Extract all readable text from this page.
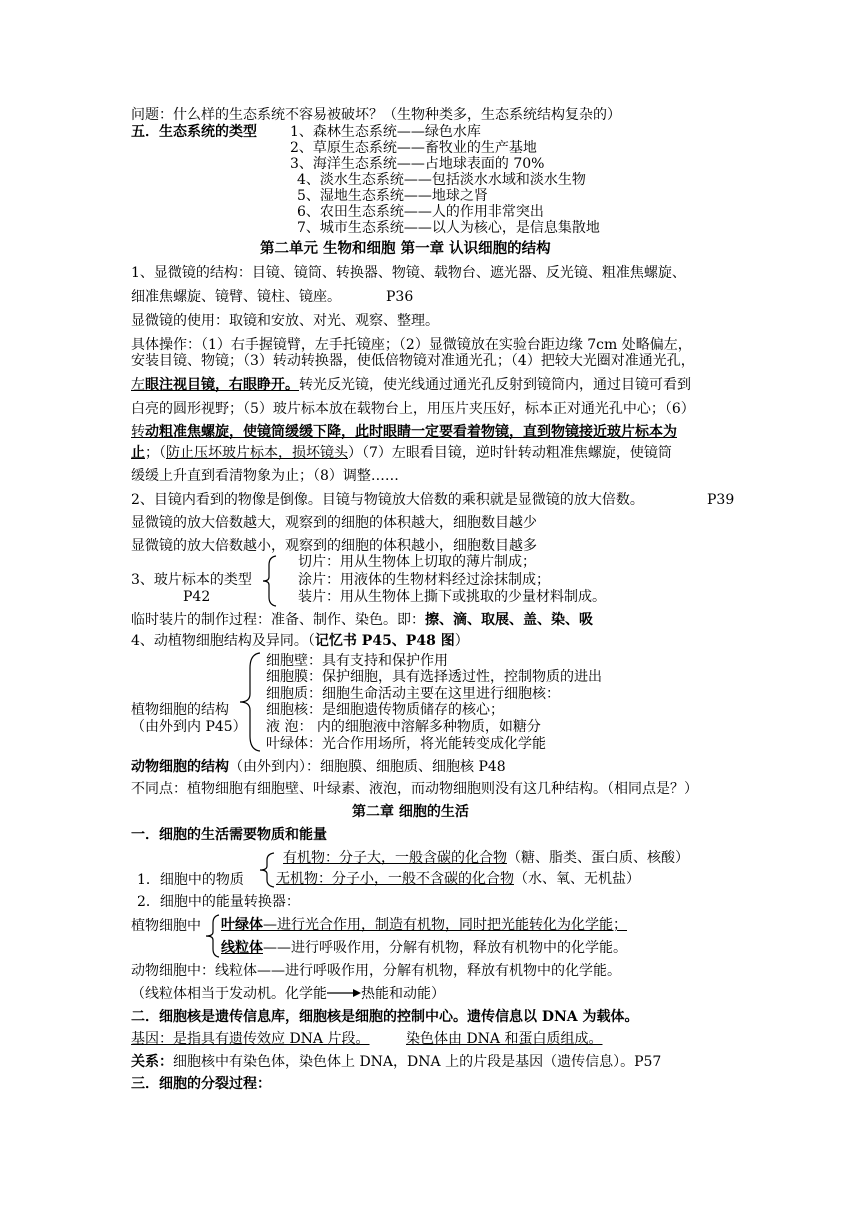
问题：什么样的生态系统不容易被破坏？（生物种类多，生态系统结构复杂的）
五．生态系统的类型 1、森林生态系统——绿色水库
2、草原生态系统——畜牧业的生产基地
3、海洋生态系统——占地球表面的 70%
4、淡水生态系统——包括淡水水域和淡水生物
5、湿地生态系统——地球之肾
6、农田生态系统——人的作用非常突出
7、城市生态系统——以人为核心，是信息集散地
第二单元 生物和细胞 第一章 认识细胞的结构
1、显微镜的结构：目镜、镜筒、转换器、物镜、载物台、遮光器、反光镜、粗准焦螺旋、
细准焦螺旋、镜臂、镜柱、镜座。	P36
显微镜的使用：取镜和安放、对光、观察、整理。
具体操作：（1）右手握镜臂，左手托镜座；（2）显微镜放在实验台距边缘 7cm 处略偏左，
安装目镜、物镜；（3）转动转换器，使低倍物镜对准通光孔；（4）把较大光圈对准通光孔，
左眼注视目镜，右眼睁开。转光反光镜，使光线通过通光孔反射到镜筒内，通过目镜可看到
白亮的圆形视野；（5）玻片标本放在载物台上，用压片夹压好，标本正对通光孔中心；（6）
转动粗准焦螺旋，使镜筒缓缓下降，此时眼睛一定要看着物镜，直到物镜接近玻片标本为
止；（防止压坏玻片标本，损坏镜头）（7）左眼看目镜，逆时针转动粗准焦螺旋，使镜筒
缓缓上升直到看清物象为止；（8）调整……
2、目镜内看到的物像是倒像。目镜与物镜放大倍数的乘积就是显微镜的放大倍数。	P39
显微镜的放大倍数越大，观察到的细胞的体积越大，细胞数目越少
显微镜的放大倍数越小，观察到的细胞的体积越小，细胞数目越多
3、玻片标本的类型
P42
切片：用从生物体上切取的薄片制成；
涂片：用液体的生物材料经过涂抹制成；
装片：用从生物体上撕下或挑取的少量材料制成。
临时装片的制作过程：准备、制作、染色。即：擦、滴、取展、盖、染、吸
4、动植物细胞结构及异同。（记忆书 P45、P48 图）
植物细胞的结构
（由外到内 P45）
细胞壁：具有支持和保护作用
细胞膜：保护细胞，具有选择透过性，控制物质的进出
细胞质：细胞生命活动主要在这里进行细胞核：
细胞核：是细胞遗传物质储存的核心；
液 泡： 内的细胞液中溶解多种物质，如糖分
叶绿体：光合作用场所，将光能转变成化学能
动物细胞的结构（由外到内）：细胞膜、细胞质、细胞核 P48
不同点：植物细胞有细胞壁、叶绿素、液泡，而动物细胞则没有这几种结构。（相同点是？）
第二章 细胞的生活
一．细胞的生活需要物质和能量
1．细胞中的物质
有机物：分子大，一般含碳的化合物（糖、脂类、蛋白质、核酸）
无机物：分子小，一般不含碳的化合物（水、氧、无机盐）
2．细胞中的能量转换器：
植物细胞中 叶绿体—进行光合作用，制造有机物，同时把光能转化为化学能；
线粒体——进行呼吸作用，分解有机物，释放有机物中的化学能。
动物细胞中：线粒体——进行呼吸作用，分解有机物，释放有机物中的化学能。
（线粒体相当于发动机。化学能 热能和动能）
二．细胞核是遗传信息库，细胞核是细胞的控制中心。遗传信息以 DNA 为载体。
基因：是指具有遗传效应 DNA 片段。	染色体由 DNA 和蛋白质组成。
关系：细胞核中有染色体，染色体上 DNA，DNA 上的片段是基因（遗传信息）。P57
三．细胞的分裂过程：
